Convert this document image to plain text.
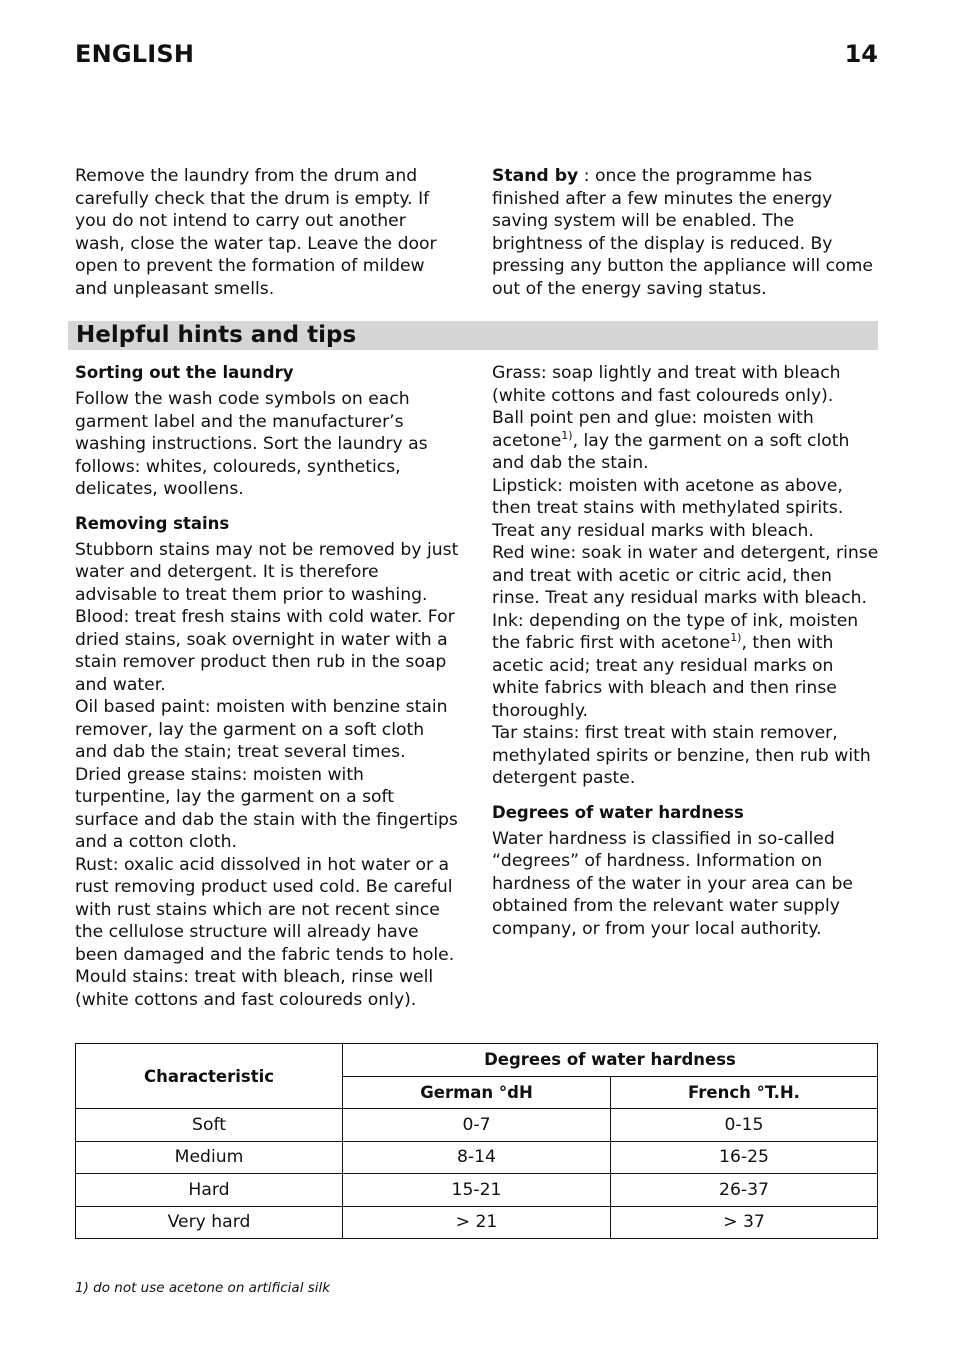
ENGLISH	14

Remove the laundry from the drum and carefully check that the drum is empty. If you do not intend to carry out another wash, close the water tap. Leave the door open to prevent the formation of mildew and unpleasant smells.

Stand by : once the programme has finished after a few minutes the energy saving system will be enabled. The brightness of the display is reduced. By pressing any button the appliance will come out of the energy saving status.

Helpful hints and tips
Sorting out the laundry

Follow the wash code symbols on each garment label and the manufacturer’s washing instructions. Sort the laundry as follows: whites, coloureds, synthetics, delicates, woollens.

Removing stains

Stubborn stains may not be removed by just water and detergent. It is therefore advisable to treat them prior to washing.

Blood: treat fresh stains with cold water. For dried stains, soak overnight in water with a stain remover product then rub in the soap and water.

Oil based paint: moisten with benzine stain remover, lay the garment on a soft cloth and dab the stain; treat several times.

Dried grease stains: moisten with turpentine, lay the garment on a soft surface and dab the stain with the fingertips and a cotton cloth.

Rust: oxalic acid dissolved in hot water or a rust removing product used cold. Be careful with rust stains which are not recent since the cellulose structure will already have been damaged and the fabric tends to hole.

Mould stains: treat with bleach, rinse well (white cottons and fast coloureds only).

Grass: soap lightly and treat with bleach (white cottons and fast coloureds only).

Ball point pen and glue: moisten with acetone$^{1)}$, lay the garment on a soft cloth and dab the stain.

Lipstick: moisten with acetone as above, then treat stains with methylated spirits. Treat any residual marks with bleach.

Red wine: soak in water and detergent, rinse and treat with acetic or citric acid, then rinse. Treat any residual marks with bleach.

Ink: depending on the type of ink, moisten the fabric first with acetone$^{1)}$, then with acetic acid; treat any residual marks on white fabrics with bleach and then rinse thoroughly.

Tar stains: first treat with stain remover, methylated spirits or benzine, then rub with detergent paste.

Degrees of water hardness

Water hardness is classified in so-called “degrees” of hardness. Information on hardness of the water in your area can be obtained from the relevant water supply company, or from your local authority.

Characteristic	Degrees of water hardness	
	German °dH	French °T.H.
Soft	0-7	0-15
Medium	8-14	16-25
Hard	15-21	26-37
Very hard	> 21	> 37
1) do not use acetone on artificial silk
